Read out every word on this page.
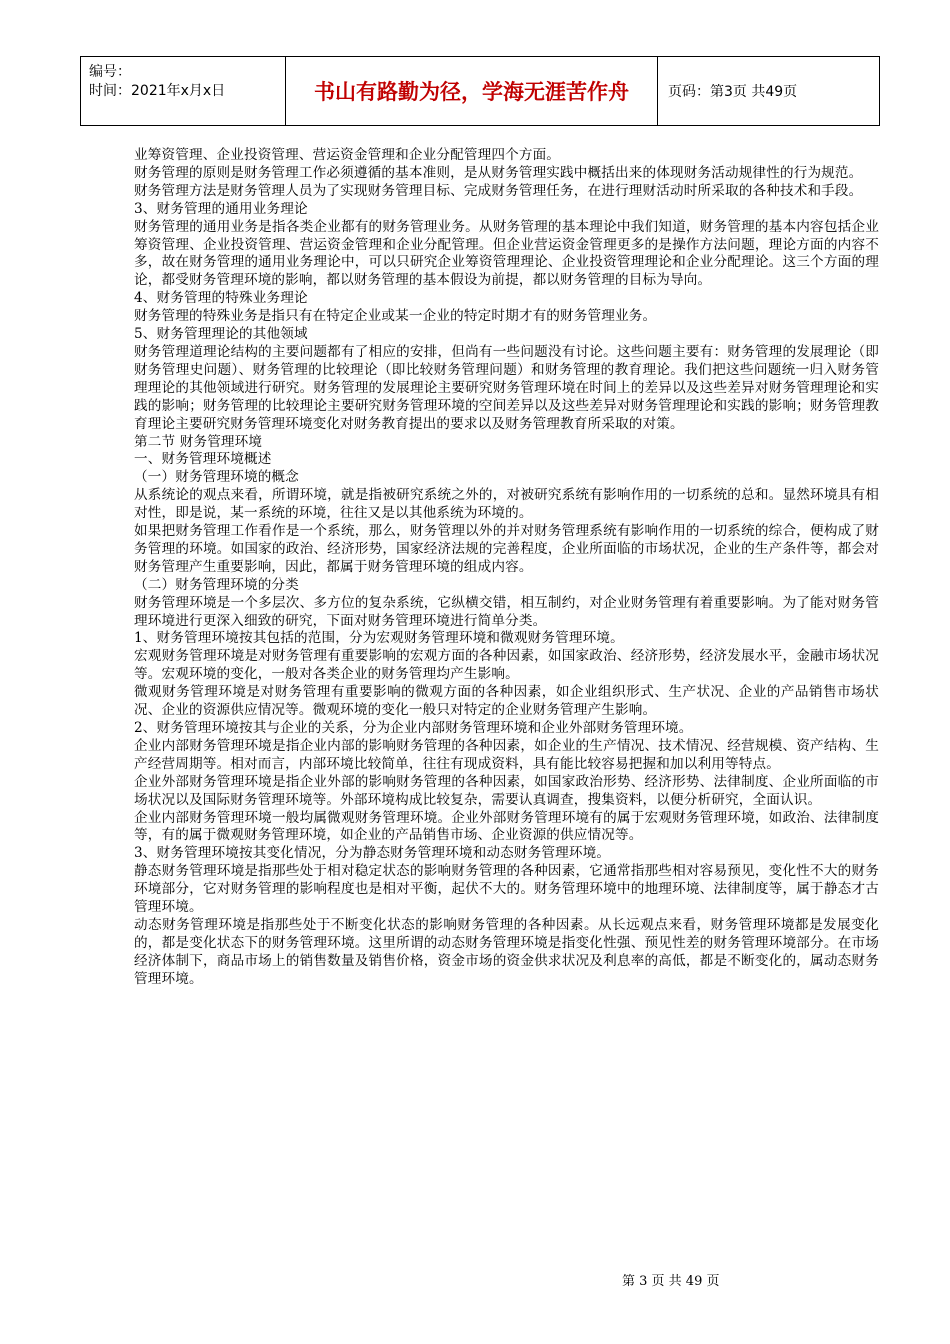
编号：
时间：2021年x月x日	书山有路勤为径，学海无涯苦作舟	页码：第3页 共49页

业筹资管理、企业投资管理、营运资金管理和企业分配管理四个方面。

财务管理的原则是财务管理工作必须遵循的基本准则，是从财务管理实践中概括出来的体现财务活动规律性的行为规范。

财务管理方法是财务管理人员为了实现财务管理目标、完成财务管理任务，在进行理财活动时所采取的各种技术和手段。

3、财务管理的通用业务理论

财务管理的通用业务是指各类企业都有的财务管理业务。从财务管理的基本理论中我们知道，财务管理的基本内容包括企业筹资管理、企业投资管理、营运资金管理和企业分配管理。但企业营运资金管理更多的是操作方法问题，理论方面的内容不多，故在财务管理的通用业务理论中，可以只研究企业筹资管理理论、企业投资管理理论和企业分配理论。这三个方面的理论，都受财务管理环境的影响，都以财务管理的基本假设为前提，都以财务管理的目标为导向。

4、财务管理的特殊业务理论

财务管理的特殊业务是指只有在特定企业或某一企业的特定时期才有的财务管理业务。

5、财务管理理论的其他领域

财务管理道理论结构的主要问题都有了相应的安排，但尚有一些问题没有讨论。这些问题主要有：财务管理的发展理论（即财务管理史问题）、财务管理的比较理论（即比较财务管理问题）和财务管理的教育理论。我们把这些问题统一归入财务管理理论的其他领域进行研究。财务管理的发展理论主要研究财务管理环境在时间上的差异以及这些差异对财务管理理论和实践的影响；财务管理的比较理论主要研究财务管理环境的空间差异以及这些差异对财务管理理论和实践的影响；财务管理教育理论主要研究财务管理环境变化对财务教育提出的要求以及财务管理教育所采取的对策。

第二节 财务管理环境

一、财务管理环境概述

（一）财务管理环境的概念

从系统论的观点来看，所谓环境，就是指被研究系统之外的，对被研究系统有影响作用的一切系统的总和。显然环境具有相对性，即是说，某一系统的环境，往往又是以其他系统为环境的。

如果把财务管理工作看作是一个系统，那么，财务管理以外的并对财务管理系统有影响作用的一切系统的综合，便构成了财务管理的环境。如国家的政治、经济形势，国家经济法规的完善程度，企业所面临的市场状况，企业的生产条件等，都会对财务管理产生重要影响，因此，都属于财务管理环境的组成内容。

（二）财务管理环境的分类

财务管理环境是一个多层次、多方位的复杂系统，它纵横交错，相互制约，对企业财务管理有着重要影响。为了能对财务管理环境进行更深入细致的研究，下面对财务管理环境进行简单分类。

1、财务管理环境按其包括的范围，分为宏观财务管理环境和微观财务管理环境。

宏观财务管理环境是对财务管理有重要影响的宏观方面的各种因素，如国家政治、经济形势，经济发展水平，金融市场状况等。宏观环境的变化，一般对各类企业的财务管理均产生影响。

微观财务管理环境是对财务管理有重要影响的微观方面的各种因素，如企业组织形式、生产状况、企业的产品销售市场状况、企业的资源供应情况等。微观环境的变化一般只对特定的企业财务管理产生影响。

2、财务管理环境按其与企业的关系，分为企业内部财务管理环境和企业外部财务管理环境。

企业内部财务管理环境是指企业内部的影响财务管理的各种因素，如企业的生产情况、技术情况、经营规模、资产结构、生产经营周期等。相对而言，内部环境比较简单，往往有现成资料，具有能比较容易把握和加以利用等特点。

企业外部财务管理环境是指企业外部的影响财务管理的各种因素，如国家政治形势、经济形势、法律制度、企业所面临的市场状况以及国际财务管理环境等。外部环境构成比较复杂，需要认真调查，搜集资料，以便分析研究，全面认识。

企业内部财务管理环境一般均属微观财务管理环境。企业外部财务管理环境有的属于宏观财务管理环境，如政治、法律制度等，有的属于微观财务管理环境，如企业的产品销售市场、企业资源的供应情况等。

3、财务管理环境按其变化情况，分为静态财务管理环境和动态财务管理环境。

静态财务管理环境是指那些处于相对稳定状态的影响财务管理的各种因素，它通常指那些相对容易预见，变化性不大的财务环境部分，它对财务管理的影响程度也是相对平衡，起伏不大的。财务管理环境中的地理环境、法律制度等，属于静态才古管理环境。

动态财务管理环境是指那些处于不断变化状态的影响财务管理的各种因素。从长远观点来看，财务管理环境都是发展变化的，都是变化状态下的财务管理环境。这里所谓的动态财务管理环境是指变化性强、预见性差的财务管理环境部分。在市场经济体制下，商品市场上的销售数量及销售价格，资金市场的资金供求状况及利息率的高低，都是不断变化的，属动态财务管理环境。

第 3 页 共 49 页
